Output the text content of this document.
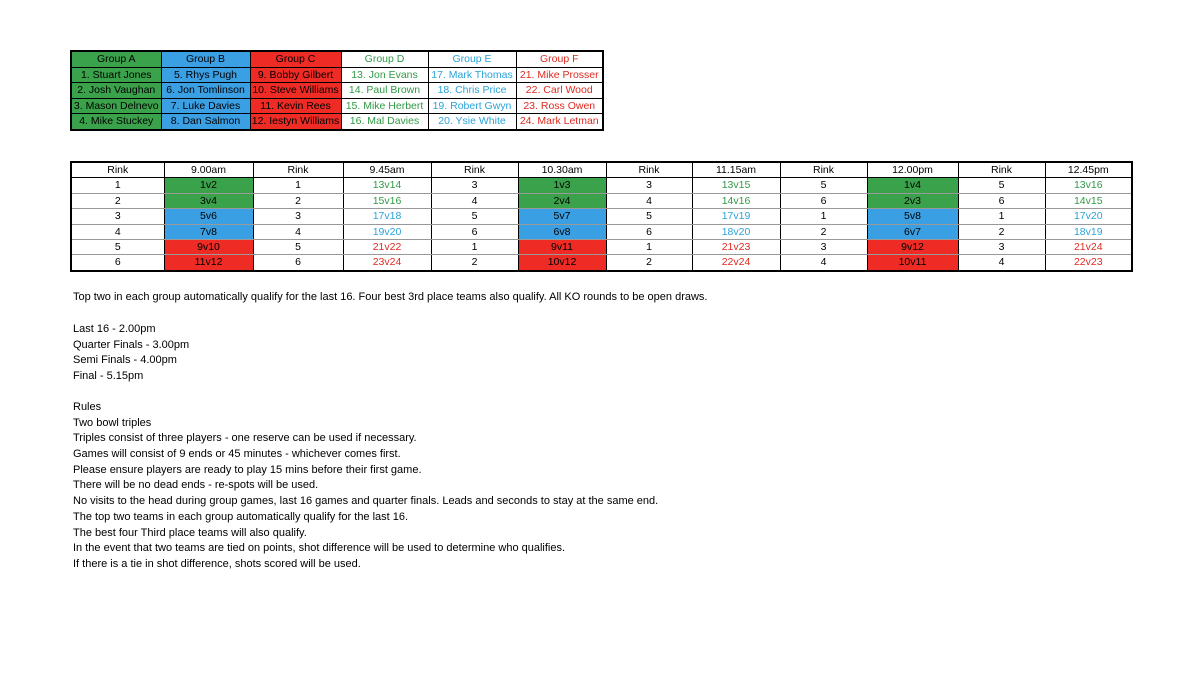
Group A	Group B	Group C	Group D	Group E	Group F
1. Stuart Jones	5. Rhys Pugh	9. Bobby Gilbert	13. Jon Evans	17. Mark Thomas	21. Mike Prosser
2. Josh Vaughan	6. Jon Tomlinson	10. Steve Williams	14. Paul Brown	18. Chris Price	22. Carl Wood
3. Mason Delnevo	7. Luke Davies	11. Kevin Rees	15. Mike Herbert	19. Robert Gwyn	23. Ross Owen
4. Mike Stuckey	8. Dan Salmon	12. Iestyn Williams	16. Mal Davies	20. Ysie White	24. Mark Letman
Rink	9.00am	Rink	9.45am	Rink	10.30am	Rink	11.15am	Rink	12.00pm	Rink	12.45pm
1	1v2	1	13v14	3	1v3	3	13v15	5	1v4	5	13v16
2	3v4	2	15v16	4	2v4	4	14v16	6	2v3	6	14v15
3	5v6	3	17v18	5	5v7	5	17v19	1	5v8	1	17v20
4	7v8	4	19v20	6	6v8	6	18v20	2	6v7	2	18v19
5	9v10	5	21v22	1	9v11	1	21v23	3	9v12	3	21v24
6	11v12	6	23v24	2	10v12	2	22v24	4	10v11	4	22v23
Top two in each group automatically qualify for the last 16. Four best 3rd place teams also qualify. All KO rounds to be open draws.
Last 16 - 2.00pm
Quarter Finals - 3.00pm
Semi Finals - 4.00pm
Final - 5.15pm
Rules
Two bowl triples
Triples consist of three players - one reserve can be used if necessary.
Games will consist of 9 ends or 45 minutes - whichever comes first.
Please ensure players are ready to play 15 mins before their first game.
There will be no dead ends - re-spots will be used.
No visits to the head during group games, last 16 games and quarter finals. Leads and seconds to stay at the same end.
The top two teams in each group automatically qualify for the last 16.
The best four Third place teams will also qualify.
In the event that two teams are tied on points, shot difference will be used to determine who qualifies.
If there is a tie in shot difference, shots scored will be used.
